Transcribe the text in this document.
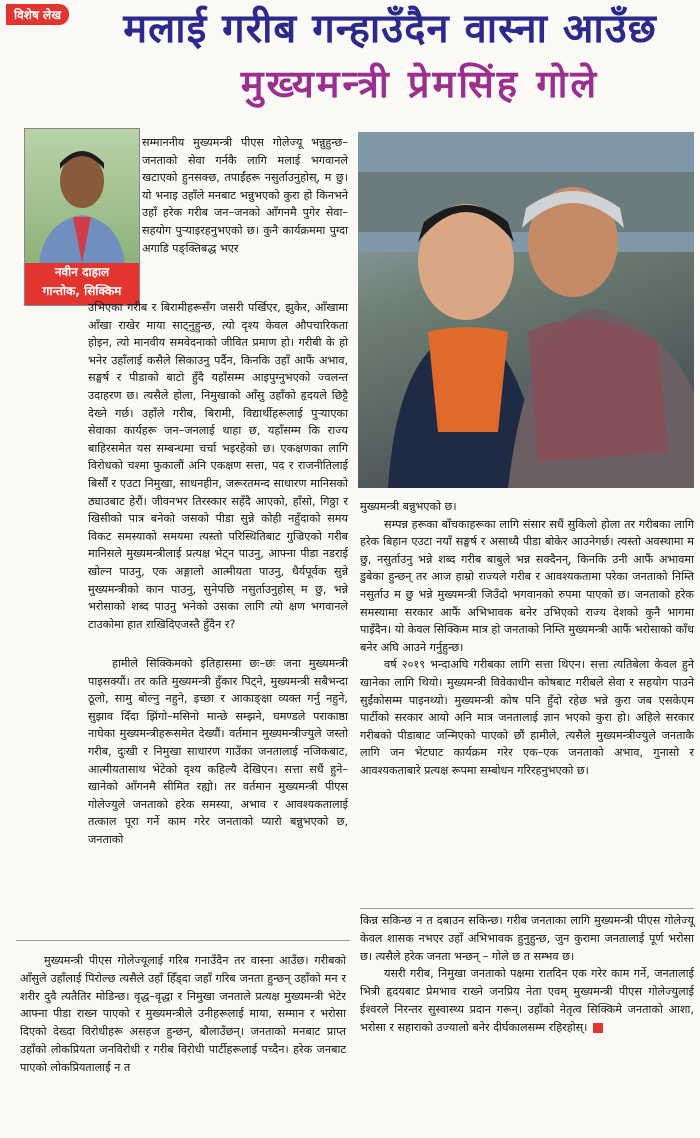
विशेष लेख	मलाई गरीब गन्हाउँदैन वास्ना आउँछ
मुख्यमन्त्री प्रेमसिंह गोले
नवीन दाहाल
गान्तोक, सिक्किम

सम्माननीय मुख्यमन्त्री पीएस गोलेज्यू भन्नुहुन्छ– जनताको सेवा गर्नकै लागि मलाई भगवानले खटाएको हुनसक्छ, तपाईंहरू नसुर्ताउनुहोस्, म छु। यो भनाइ उहाँले मनबाट भन्नुभएको कुरा हो किनभने उहाँ हरेक गरीब जन–जनको आँगनमै पुगेर सेवा–सहयोग पुऱ्याइरहनुभएको छ। कुनै कार्यक्रममा पुग्दा अगाडि पङ्क्तिबद्ध भएर

उभिएका गरीब र बिरामीहरूसँग जसरी पर्खिएर, झुकेर, आँखामा आँखा राखेर माया साट्नुहुन्छ, त्यो दृश्य केवल औपचारिकता होइन, त्यो मानवीय समवेदनाको जीवित प्रमाण हो। गरीबी के हो भनेर उहाँलाई कसैले सिकाउनु पर्दैन, किनकि उहाँ आफैं अभाव, सङ्घर्ष र पीडाको बाटो हुँदै यहाँसम्म आइपुग्नुभएको ज्वलन्त उदाहरण छ। त्यसैले होला, निमुखाको आँसु उहाँको हृदयले छिट्टै देख्ने गर्छ। उहाँले गरीब, बिरामी, विद्यार्थीहरूलाई पुऱ्याएका सेवाका कार्यहरू जन–जनलाई थाहा छ, यहाँसम्म कि राज्य बाहिरसमेत यस सम्बन्धमा चर्चा भइरहेको छ। एकक्षणका लागि विरोधको चश्मा फुकालौं अनि एकक्षण सत्ता, पद र राजनीतिलाई बिर्सौं र एउटा निमुखा, साधनहीन, जरूरतमन्द साधारण मानिसको ठ्याउबाट हेरौं। जीवनभर तिरस्कार सहँदै आएको, हाँसो, गिठ्ठा र खिसीको पात्र बनेको जसको पीडा सुन्ने कोही नहुँदाको समय विकट समस्याको समयमा त्यस्तो परिस्थितिबाट गुज्रिएको गरीब मानिसले मुख्यमन्त्रीलाई प्रत्यक्ष भेट्न पाउनु, आफ्ना पीडा नडराई खोल्न पाउनु, एक अङ्गालो आत्मीयता पाउनु, धैर्यपूर्वक सुन्ने मुख्यमन्त्रीको कान पाउनु, सुनेपछि नसुर्ताउनुहोस् म छु, भन्ने भरोसाको शब्द पाउनु भनेको उसका लागि त्यो क्षण भगवानले टाउकोमा हात राखिदिएजस्तै हुँदैन र?

हामीले सिक्किमको इतिहासमा छः–छः जना मुख्यमन्त्री पाइसक्यौं। तर कति मुख्यमन्त्री हुँकार पिट्ने, मुख्यमन्त्री सबैभन्दा ठूलो, सामु बोल्नु नहुने, इच्छा र आकाङ्क्षा व्यक्त गर्नु नहुने, सुझाव दिँदा झिंगो–मसिनो मान्छे सम्झने, घमण्डले पराकाष्ठा नाघेका मुख्यमन्त्रीहरूसमेत देख्यौं। वर्तमान मुख्यमन्त्रीज्युले जस्तो गरीब, दुःखी र निमुखा साधारण गाउँका जनतालाई नजिकबाट, आत्मीयतासाथ भेटेको दृश्य कहिल्यै देखिएन। सत्ता सधैं हुने–खानेको आँगनमै सीमित रह्यो। तर वर्तमान मुख्यमन्त्री पीएस गोलेज्युले जनताको हरेक समस्या, अभाव र आवश्यकतालाई तत्काल पूरा गर्ने काम गरेर जनताको प्यारो बन्नुभएको छ, जनताको

मुख्यमन्त्री बन्नुभएको छ।

सम्पन्न हरूका बाँचकाहरूका लागि संसार सधैं सुकिलो होला तर गरीबका लागि हरेक बिहान एउटा नयाँ सङ्घर्ष र असाध्यै पीडा बोकेर आउनेगर्छ। त्यस्तो अवस्थामा म छु, नसुर्ताउनु भन्ने शब्द गरीब बाबुले भन्न सक्दैनन्, किनकि उनी आफैं अभावमा डुबेका हुन्छन् तर आज हाम्रो राज्यले गरीब र आवश्यकतामा परेका जनताको निम्ति नसुर्ताउ म छु भन्ने मुख्यमन्त्री जिउँदो भगवानको रुपमा पाएको छ। जनताको हरेक समस्यामा सरकार आफैं अभिभावक बनेर उभिएको राज्य देशको कुनै भागमा पाइँदैन। यो केवल सिक्किम मात्र हो जनताको निम्ति मुख्यमन्त्री आफैं भरोसाको काँध बनेर अघि आउने गर्नुहुन्छ।

वर्ष २०१९ भन्दाअघि गरीबका लागि सत्ता थिएन। सत्ता त्यतिबेला केवल हुने खानेका लागि थियो। मुख्यमन्त्री विवेकाधीन कोषबाट गरीबले सेवा र सहयोग पाउने सुईंकोसम्म पाइनथ्यो। मुख्यमन्त्री कोष पनि हुँदो रहेछ भन्ने कुरा जब एसकेएम पार्टीको सरकार आयो अनि मात्र जनतालाई ज्ञान भएको कुरा हो। अहिले सरकार गरीबको पीडाबाट जन्मिएको पाएको छौं हामीले, त्यसैले मुख्यमन्त्रीज्युले जनताकै लागि जन भेटघाट कार्यक्रम गरेर एक–एक जनताको अभाव, गुनासो र आवश्यकताबारे प्रत्यक्ष रूपमा सम्बोधन गरिरहनुभएको छ।

मुख्यमन्त्री पीएस गोलेज्यूलाई गरिब गनाउँदैन तर वास्ना आउँछ। गरीबको आँसुले उहाँलाई पिरोल्छ त्यसैले उहाँ हिँड्दा जहाँ गरिब जनता हुन्छन् उहाँको मन र शरीर दुवै त्यतैतिर मोडिन्छ। वृद्ध–वृद्धा र निमुखा जनताले प्रत्यक्ष मुख्यमन्त्री भेटेर आफ्ना पीडा राख्न पाएको र मुख्यमन्त्रीले उनीहरूलाई माया, सम्मान र भरोसा दिएको देख्दा विरोधीहरू असहज हुन्छन्, बौलाउँछन्। जनताको मनबाट प्राप्त उहाँको लोकप्रियता जनविरोधी र गरीब विरोधी पार्टीहरूलाई पच्दैन। हरेक जनबाट पाएको लोकप्रियतालाई न त

किन्न सकिन्छ न त दबाउन सकिन्छ। गरीब जनताका लागि मुख्यमन्त्री पीएस गोलेज्यू केवल शासक नभएर उहाँ अभिभावक हुनुहुन्छ, जुन कुरामा जनतालाई पूर्ण भरोसा छ। त्यसैले हरेक जनता भन्छन् – गोले छ त सम्भव छ।

यसरी गरीब, निमुखा जनताको पक्षमा रातदिन एक गरेर काम गर्ने, जनतालाई भित्री हृदयबाट प्रेमभाव राख्ने जनप्रिय नेता एवम् मुख्यमन्त्री पीएस गोलेज्युलाई ईश्वरले निरन्तर सुस्वास्थ्य प्रदान गरून्। उहाँको नेतृत्व सिक्किमे जनताको आशा, भरोसा र सहाराको उज्यालो बनेर दीर्घकालसम्म रहिरहोस्।
